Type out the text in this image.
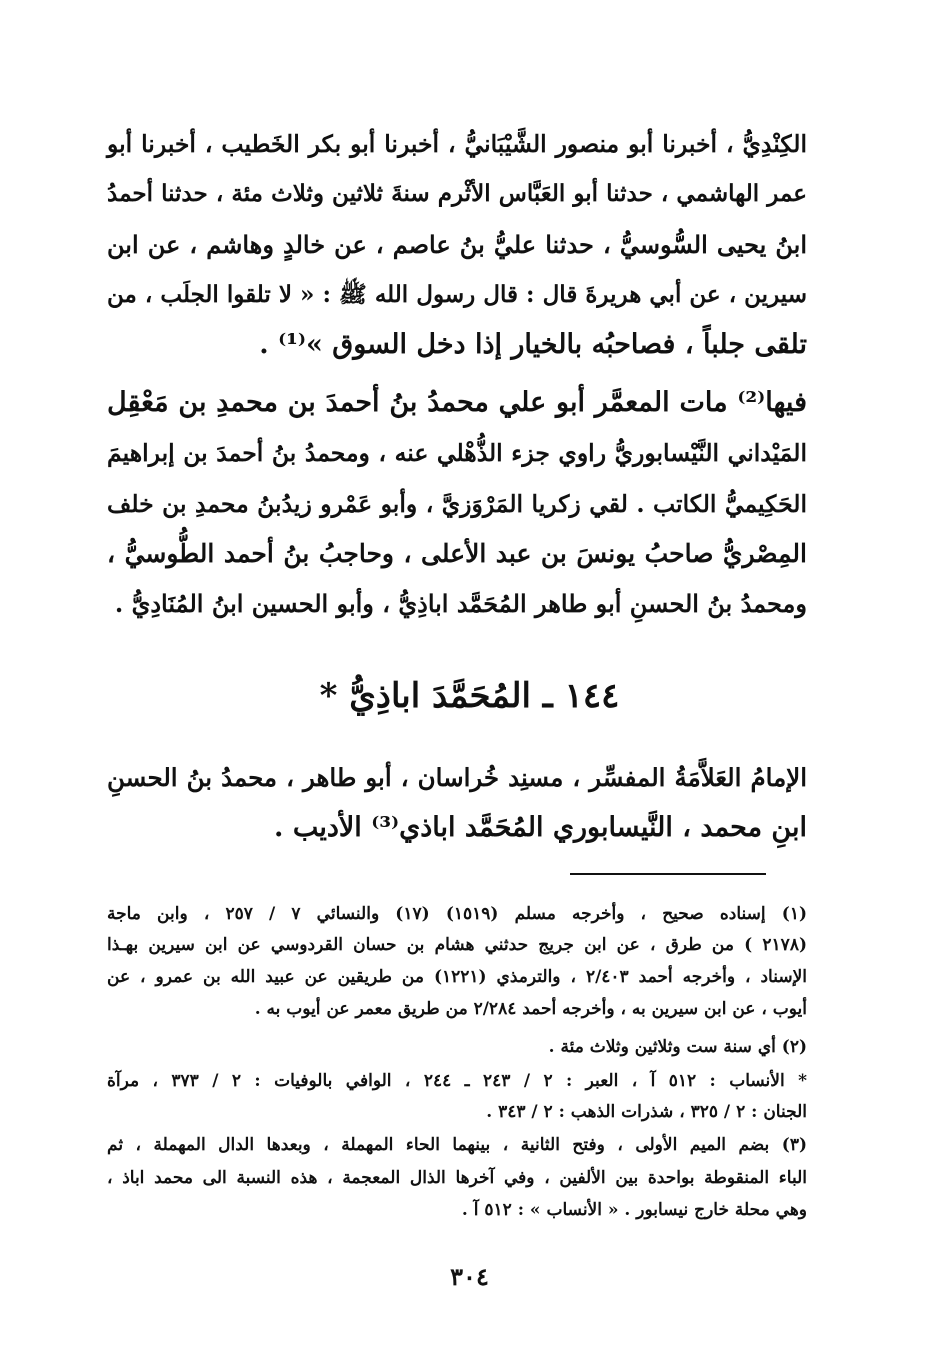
الكِنْدِيُّ ، أخبرنا أبو منصور الشَّيْبَانيُّ ، أخبرنا أبو بكر الخَطيب ، أخبرنا أبو
عمر الهاشمي ، حدثنا أبو العَبَّاس الأثْرم سنةَ ثلاثين وثلاث مئة ، حدثنا أحمدُ
ابنُ يحيى السُّوسيُّ ، حدثنا عليُّ بنُ عاصم ، عن خالدٍ وهاشم ، عن ابن
سيرين ، عن أبي هريرةَ قال : قال رسول الله ﷺ : « لا تلقوا الجلَب ، من
تلقى جلباً ، فصاحبُه بالخيار إذا دخل السوق »⁽¹⁾ .
فيها⁽²⁾ مات المعمَّر أبو علي محمدُ بنُ أحمدَ بن محمدِ بن مَعْقِل
المَيْداني النَّيْسابوريُّ راوي جزء الذُّهْلي عنه ، ومحمدُ بنُ أحمدَ بن إبراهيمَ
الحَكِيميُّ الكاتب . لقي زكريا المَرْوَزيَّ ، وأبو عَمْرو زيدُبنُ محمدِ بن خلف
المِصْريُّ صاحبُ يونسَ بن عبد الأعلى ، وحاجبُ بنُ أحمد الطُّوسيُّ ،
ومحمدُ بنُ الحسنِ أبو طاهر المُحَمَّد اباذِيُّ ، وأبو الحسين ابنُ المُنَادِيُّ .
١٤٤ ـ المُحَمَّدَ اباذِيُّ *
الإمامُ العَلاَّمَةُ المفسِّر ، مسنِد خُراسان ، أبو طاهر ، محمدُ بنُ الحسنِ
ابنِ محمد ، النَّيسابوري المُحَمَّد اباذي⁽³⁾ الأديب .
(١) إسناده صحيح ، وأخرجه مسلم (١٥١٩) (١٧) والنسائي ٧ / ٢٥٧ ، وابن ماجة
(٢١٧٨ ) من طرق ، عن ابن جريج حدثني هشام بن حسان القردوسي عن ابن سيرين بهـذا
الإسناد ، وأخرجه أحمد ٢/٤٠٣ ، والترمذي (١٢٢١) من طريقين عن عبيد الله بن عمرو ، عن
أيوب ، عن ابن سيرين به ، وأخرجه أحمد ٢/٢٨٤ من طريق معمر عن أيوب به .
(٢) أي سنة ست وثلاثين وثلاث مئة .
* الأنساب : ٥١٢ آ ، العبر : ٢ / ٢٤٣ ـ ٢٤٤ ، الوافي بالوفيات : ٢ / ٣٧٣ ، مرآة
الجنان : ٢ / ٣٢٥ ، شذرات الذهب : ٢ / ٣٤٣ .
(٣) بضم الميم الأولى ، وفتح الثانية ، بينهما الحاء المهملة ، وبعدها الدال المهملة ، ثم
الباء المنقوطة بواحدة بين الألفين ، وفي آخرها الذال المعجمة ، هذه النسبة الى محمد اباذ ،
وهي محلة خارج نيسابور . « الأنساب » : ٥١٢ آ .
٣٠٤
